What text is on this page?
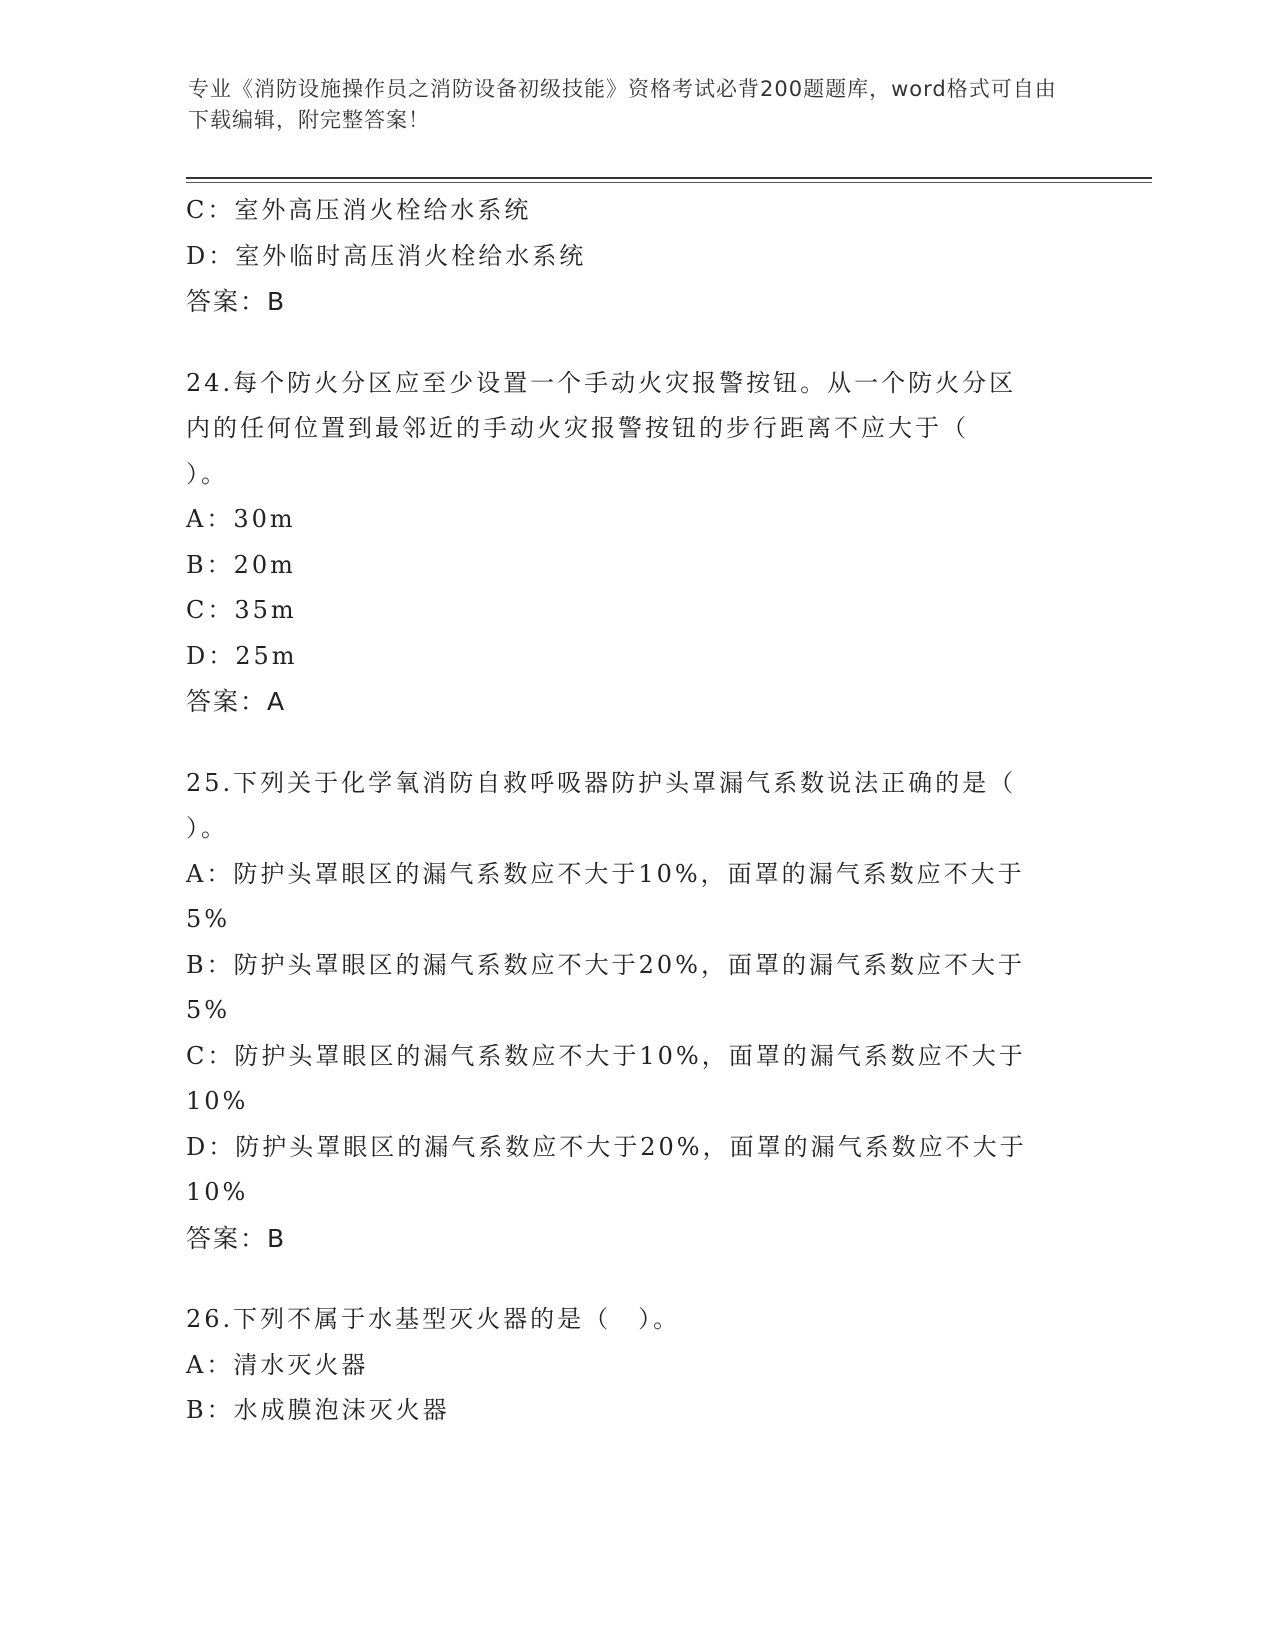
专业《消防设施操作员之消防设备初级技能》资格考试必背200题题库，word格式可自由下载编辑，附完整答案！
C：室外高压消火栓给水系统
D：室外临时高压消火栓给水系统
答案：B
24.每个防火分区应至少设置一个手动火灾报警按钮。从一个防火分区
内的任何位置到最邻近的手动火灾报警按钮的步行距离不应大于（
）。
A：30m
B：20m
C：35m
D：25m
答案：A
25.下列关于化学氧消防自救呼吸器防护头罩漏气系数说法正确的是（
）。
A：防护头罩眼区的漏气系数应不大于10%，面罩的漏气系数应不大于
5%
B：防护头罩眼区的漏气系数应不大于20%，面罩的漏气系数应不大于
5%
C：防护头罩眼区的漏气系数应不大于10%，面罩的漏气系数应不大于
10%
D：防护头罩眼区的漏气系数应不大于20%，面罩的漏气系数应不大于
10%
答案：B
26.下列不属于水基型灭火器的是（　）。
A：清水灭火器
B：水成膜泡沫灭火器
